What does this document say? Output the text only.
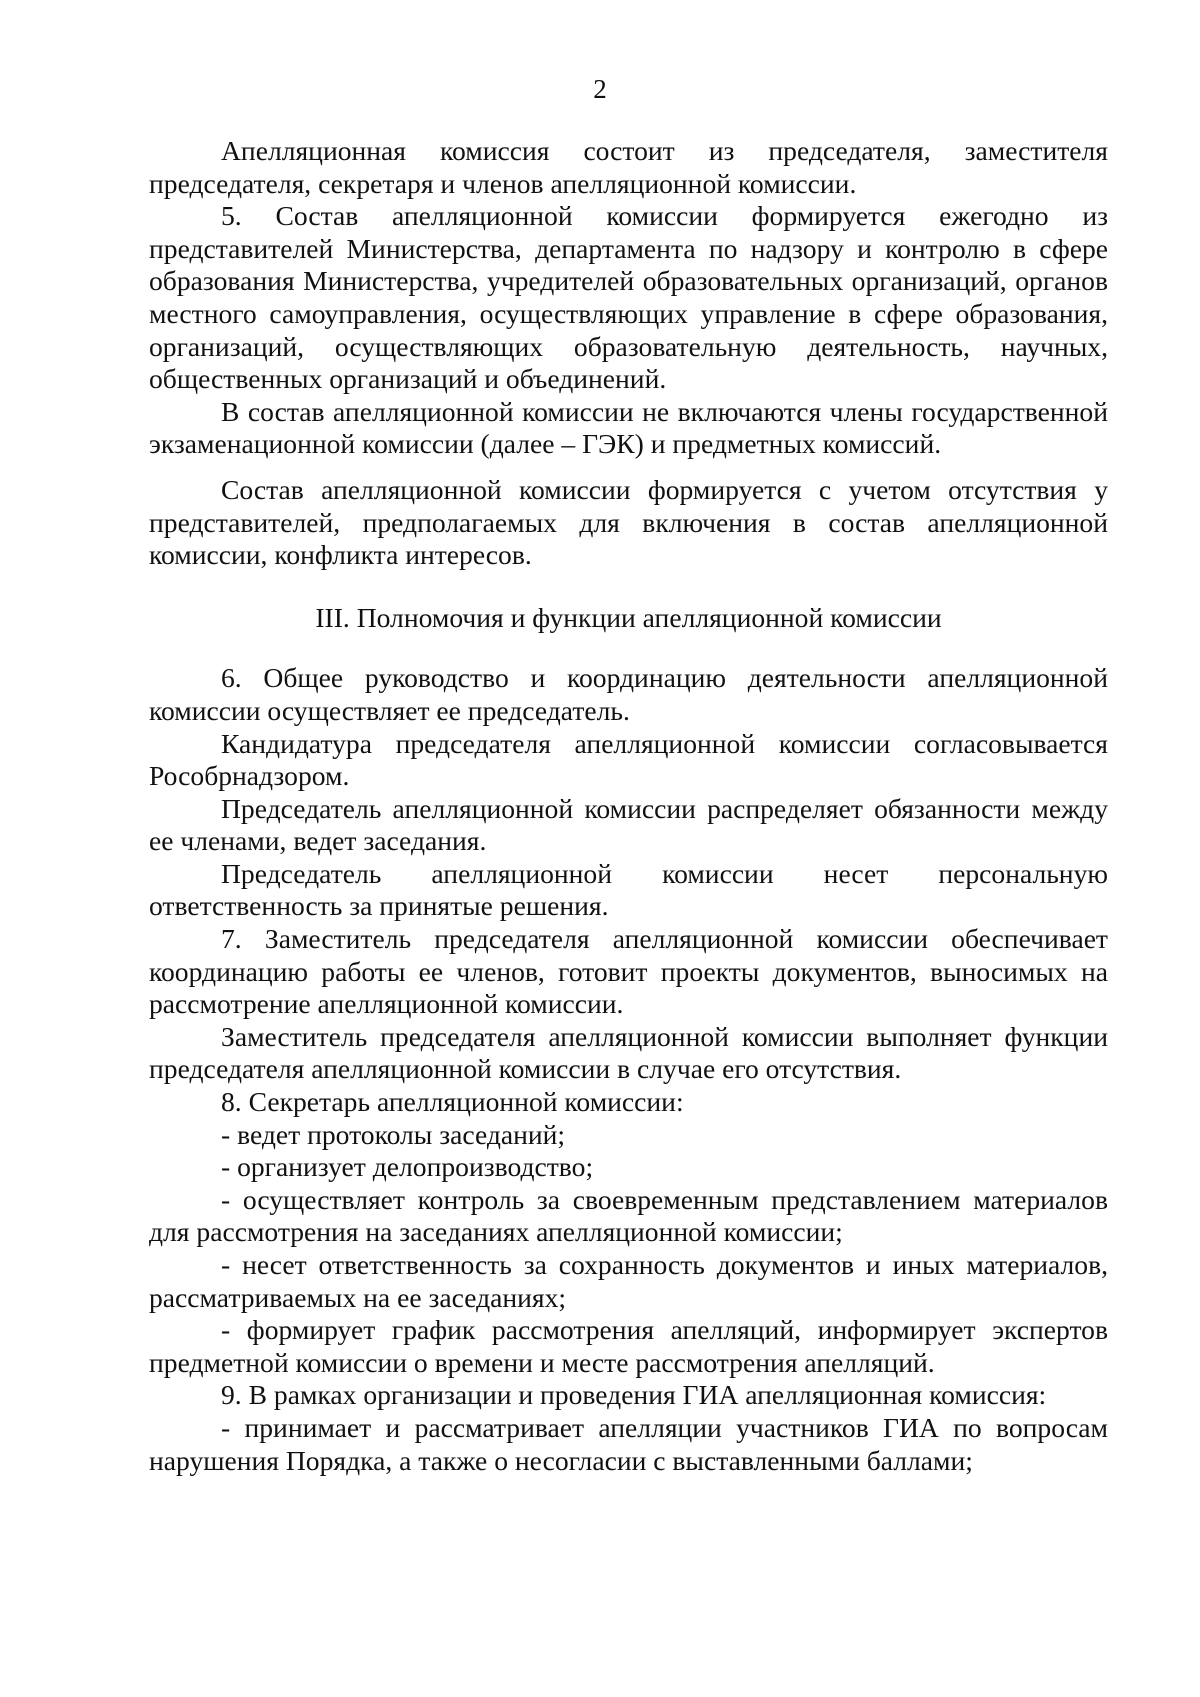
2

Апелляционная комиссия состоит из председателя, заместителя председателя, секретаря и членов апелляционной комиссии.

5. Состав апелляционной комиссии формируется ежегодно из представителей Министерства, департамента по надзору и контролю в сфере образования Министерства, учредителей образовательных организаций, органов местного самоуправления, осуществляющих управление в сфере образования, организаций, осуществляющих образовательную деятельность, научных, общественных организаций и объединений.

В состав апелляционной комиссии не включаются члены государственной экзаменационной комиссии (далее – ГЭК) и предметных комиссий.

Состав апелляционной комиссии формируется с учетом отсутствия у представителей, предполагаемых для включения в состав апелляционной комиссии, конфликта интересов.

III. Полномочия и функции апелляционной комиссии

6. Общее руководство и координацию деятельности апелляционной комиссии осуществляет ее председатель.

Кандидатура председателя апелляционной комиссии согласовывается Рособрнадзором.

Председатель апелляционной комиссии распределяет обязанности между ее членами, ведет заседания.

Председатель апелляционной комиссии несет персональную ответственность за принятые решения.

7. Заместитель председателя апелляционной комиссии обеспечивает координацию работы ее членов, готовит проекты документов, выносимых на рассмотрение апелляционной комиссии.

Заместитель председателя апелляционной комиссии выполняет функции председателя апелляционной комиссии в случае его отсутствия.

8. Секретарь апелляционной комиссии:

- ведет протоколы заседаний;

- организует делопроизводство;

- осуществляет контроль за своевременным представлением материалов для рассмотрения на заседаниях апелляционной комиссии;

- несет ответственность за сохранность документов и иных материалов, рассматриваемых на ее заседаниях;

- формирует график рассмотрения апелляций, информирует экспертов предметной комиссии о времени и месте рассмотрения апелляций.

9. В рамках организации и проведения ГИА апелляционная комиссия:

- принимает и рассматривает апелляции участников ГИА по вопросам нарушения Порядка, а также о несогласии с выставленными баллами;
